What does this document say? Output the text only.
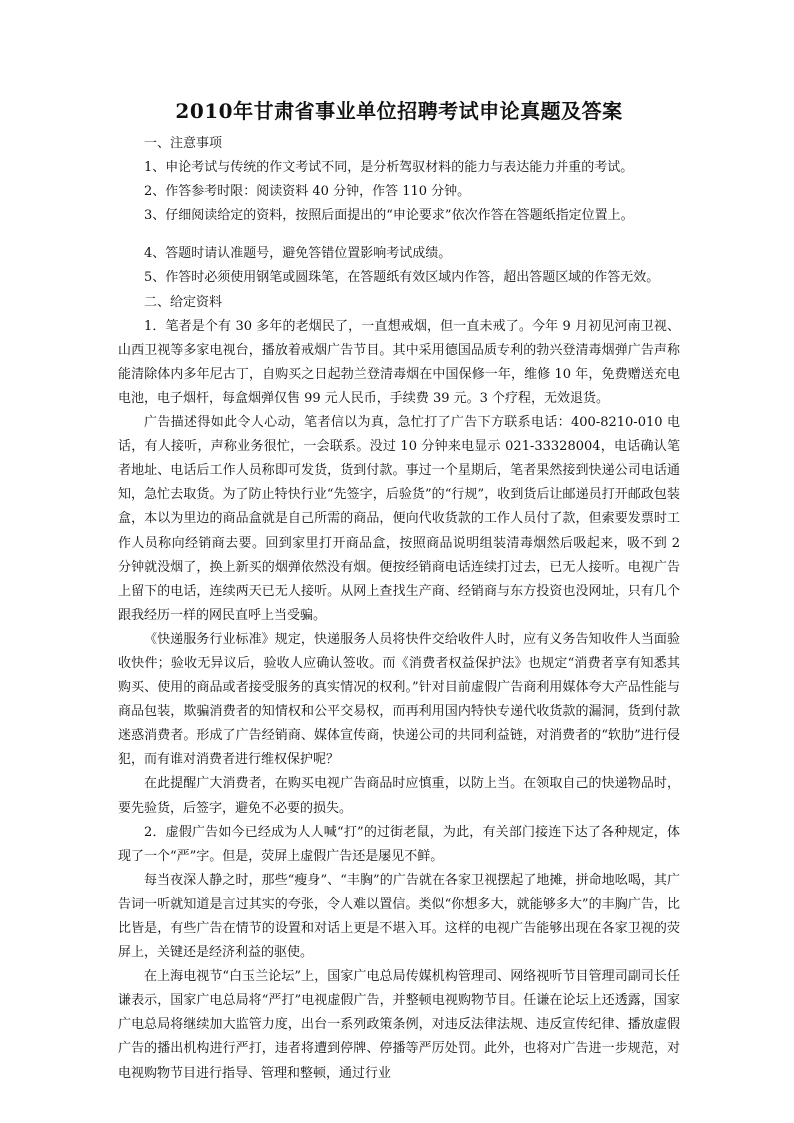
2010年甘肃省事业单位招聘考试申论真题及答案

一、注意事项

1、申论考试与传统的作文考试不同，是分析驾驭材料的能力与表达能力并重的考试。

2、作答参考时限：阅读资料 40 分钟，作答 110 分钟。

3、仔细阅读给定的资料，按照后面提出的“申论要求”依次作答在答题纸指定位置上。

4、答题时请认准题号，避免答错位置影响考试成绩。

5、作答时必须使用钢笔或圆珠笔，在答题纸有效区域内作答，超出答题区域的作答无效。

二、给定资料

1．笔者是个有 30 多年的老烟民了，一直想戒烟，但一直未戒了。今年 9 月初见河南卫视、山西卫视等多家电视台，播放着戒烟广告节目。其中采用德国品质专利的勃兴登清毒烟弹广告声称能清除体内多年尼古丁，自购买之日起勃兰登清毒烟在中国保修一年，维修 10 年，免费赠送充电电池，电子烟杆，每盒烟弹仅售 99 元人民币，手续费 39 元。3 个疗程，无效退货。

广告描述得如此令人心动，笔者信以为真，急忙打了广告下方联系电话：400-8210-010 电话，有人接听，声称业务很忙，一会联系。没过 10 分钟来电显示 021-33328004，电话确认笔者地址、电话后工作人员称即可发货，货到付款。事过一个星期后，笔者果然接到快递公司电话通知，急忙去取货。为了防止特快行业“先签字，后验货”的“行规”，收到货后让邮递员打开邮政包装盒，本以为里边的商品盒就是自己所需的商品，便向代收货款的工作人员付了款，但索要发票时工作人员称向经销商去要。回到家里打开商品盒，按照商品说明组装清毒烟然后吸起来，吸不到 2 分钟就没烟了，换上新买的烟弹依然没有烟。便按经销商电话连续打过去，已无人接听。电视广告上留下的电话，连续两天已无人接听。从网上查找生产商、经销商与东方投资也没网址，只有几个跟我经历一样的网民直呼上当受骗。

《快递服务行业标准》规定，快递服务人员将快件交给收件人时，应有义务告知收件人当面验收快件；验收无异议后，验收人应确认签收。而《消费者权益保护法》也规定“消费者享有知悉其购买、使用的商品或者接受服务的真实情况的权利。”针对目前虚假广告商利用媒体夸大产品性能与商品包装，欺骗消费者的知情权和公平交易权，而再利用国内特快专递代收货款的漏洞，货到付款迷惑消费者。形成了广告经销商、媒体宣传商，快递公司的共同利益链，对消费者的“软肋”进行侵犯，而有谁对消费者进行维权保护呢？

在此提醒广大消费者，在购买电视广告商品时应慎重，以防上当。在领取自己的快递物品时，要先验货，后签字，避免不必要的损失。

2．虚假广告如今已经成为人人喊“打”的过街老鼠，为此，有关部门接连下达了各种规定，体现了一个“严”字。但是，荧屏上虚假广告还是屡见不鲜。

每当夜深人静之时，那些“瘦身”、“丰胸”的广告就在各家卫视摆起了地摊，拼命地吆喝，其广告词一听就知道是言过其实的夸张，令人难以置信。类似“你想多大，就能够多大”的丰胸广告，比比皆是，有些广告在情节的设置和对话上更是不堪入耳。这样的电视广告能够出现在各家卫视的荧屏上，关键还是经济利益的驱使。

在上海电视节“白玉兰论坛”上，国家广电总局传媒机构管理司、网络视听节目管理司副司长任谦表示，国家广电总局将“严打”电视虚假广告，并整顿电视购物节目。任谦在论坛上还透露，国家广电总局将继续加大监管力度，出台一系列政策条例，对违反法律法规、违反宣传纪律、播放虚假广告的播出机构进行严打，违者将遭到停牌、停播等严厉处罚。此外，也将对广告进一步规范，对电视购物节目进行指导、管理和整顿，通过行业
